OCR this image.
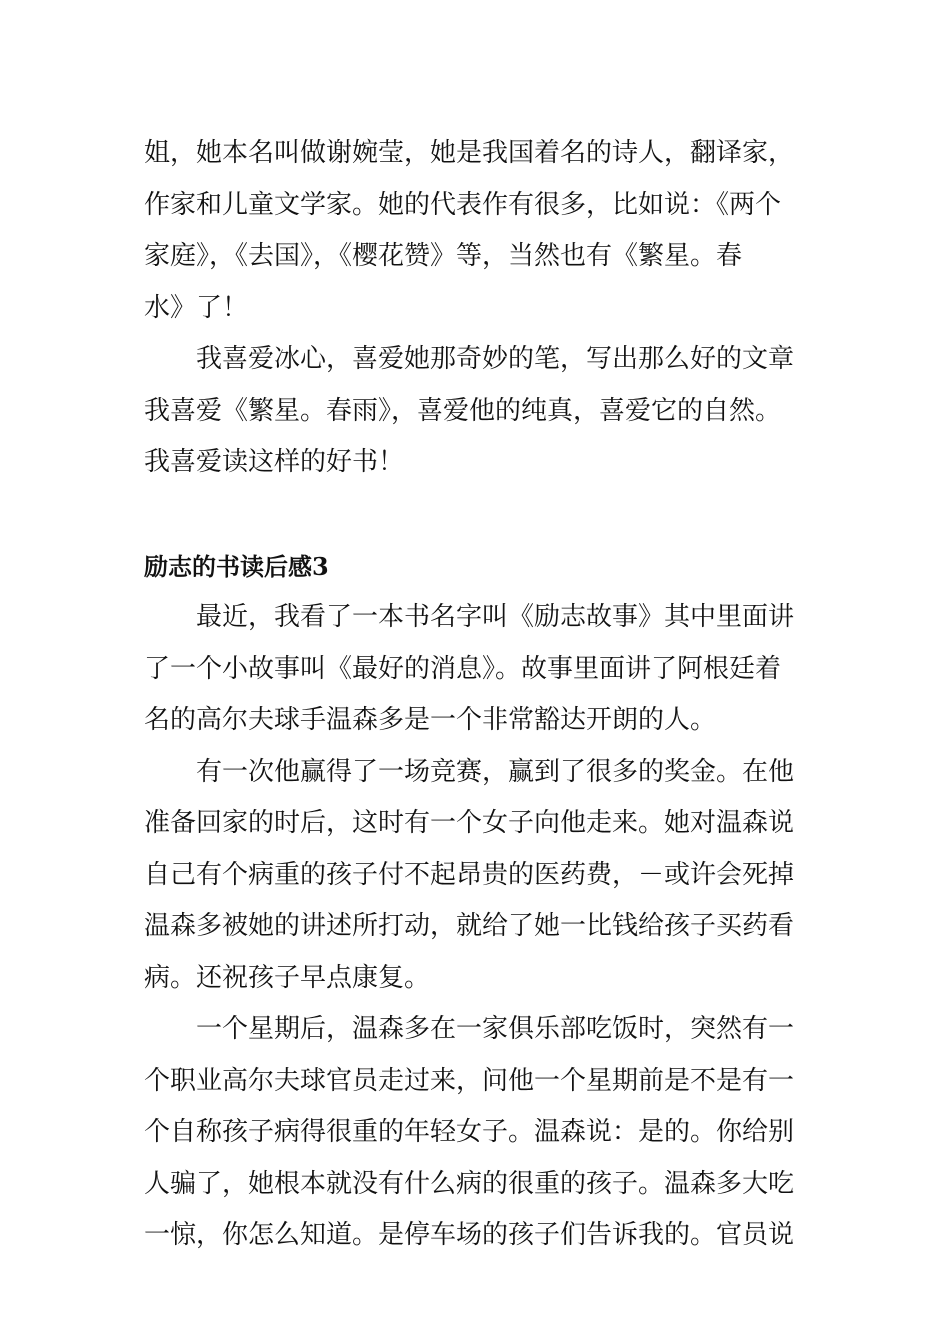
姐，她本名叫做谢婉莹，她是我国着名的诗人，翻译家，
作家和儿童文学家。她的代表作有很多，比如说：《两个
家庭》，《去国》，《樱花赞》等，当然也有《繁星。春
水》了！

我喜爱冰心，喜爱她那奇妙的笔，写出那么好的文章
我喜爱《繁星。春雨》，喜爱他的纯真，喜爱它的自然。
我喜爱读这样的好书！

励志的书读后感3

最近，我看了一本书名字叫《励志故事》其中里面讲
了一个小故事叫《最好的消息》。故事里面讲了阿根廷着
名的高尔夫球手温森多是一个非常豁达开朗的人。

有一次他赢得了一场竞赛，赢到了很多的奖金。在他
准备回家的时后，这时有一个女子向他走来。她对温森说
自己有个病重的孩子付不起昂贵的医药费，－或许会死掉
温森多被她的讲述所打动，就给了她一比钱给孩子买药看
病。还祝孩子早点康复。

一个星期后，温森多在一家俱乐部吃饭时，突然有一
个职业高尔夫球官员走过来，问他一个星期前是不是有一
个自称孩子病得很重的年轻女子。温森说：是的。你给别
人骗了，她根本就没有什么病的很重的孩子。温森多大吃
一惊，你怎么知道。是停车场的孩子们告诉我的。官员说
